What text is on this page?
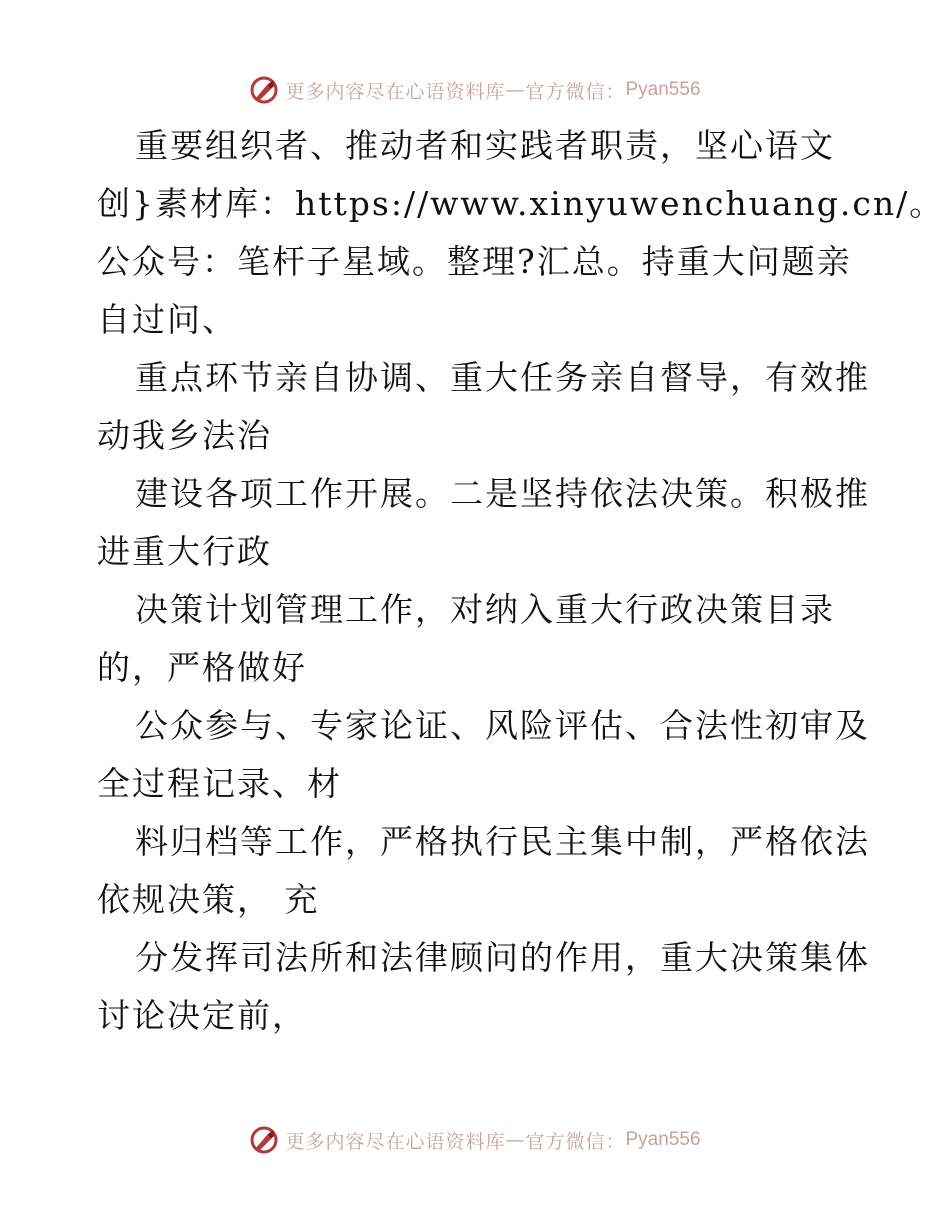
更多内容尽在心语资料库 — 官方微信： Pyan556
重要组织者、推动者和实践者职责，坚心语文
创}素材库：https://www.xinyuwenchuang.cn/。
公众号：笔杆子星域。整理?汇总。持重大问题亲
自过问、
重点环节亲自协调、重大任务亲自督导，有效推
动我乡法治
建设各项工作开展。二是坚持依法决策。积极推
进重大行政
决策计划管理工作，对纳入重大行政决策目录
的，严格做好
公众参与、专家论证、风险评估、合法性初审及
全过程记录、材
料归档等工作，严格执行民主集中制，严格依法
依规决策， 充
分发挥司法所和法律顾问的作用，重大决策集体
讨论决定前，
更多内容尽在心语资料库 — 官方微信： Pyan556
